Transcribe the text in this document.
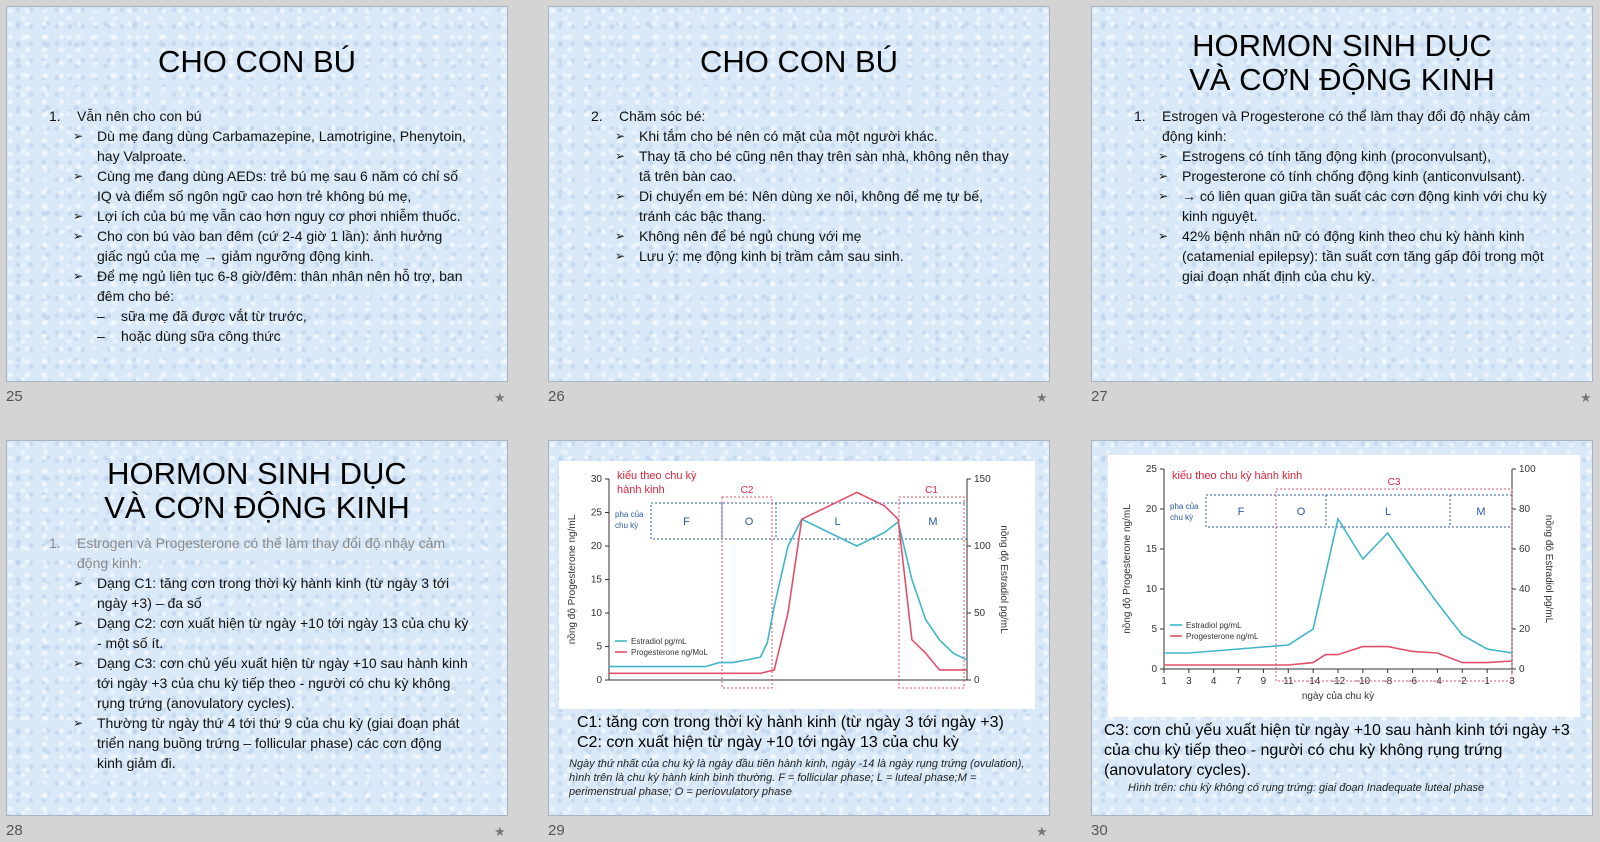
CHO CON BÚ
1. Vẫn nên cho con bú
➢ Dù mẹ đang dùng Carbamazepine, Lamotrigine, Phenytoin, hay Valproate.
➢ Cùng mẹ đang dùng AEDs: trẻ bú mẹ sau 6 năm có chỉ số IQ và điểm số ngôn ngữ cao hơn trẻ không bú mẹ,
➢ Lợi ích của bú mẹ vẫn cao hơn nguy cơ phơi nhiễm thuốc.
➢ Cho con bú vào ban đêm (cứ 2-4 giờ 1 lần): ảnh hưởng giấc ngủ của mẹ → giảm ngưỡng động kinh.
➢ Để mẹ ngủ liên tục 6-8 giờ/đêm: thân nhân nên hỗ trợ, ban đêm cho bé:
– sữa mẹ đã được vắt từ trước,
– hoặc dùng sữa công thức
25	★
CHO CON BÚ
2. Chăm sóc bé:
➢ Khi tắm cho bé nên có mặt của một người khác.
➢ Thay tã cho bé cũng nên thay trên sàn nhà, không nên thay tã trên bàn cao.
➢ Di chuyển em bé: Nên dùng xe nôi, không để mẹ tự bế, tránh các bậc thang.
➢ Không nên để bé ngủ chung với mẹ
➢ Lưu ý: mẹ động kinh bị trầm cảm sau sinh.
26	★
HORMON SINH DỤC
VÀ CƠN ĐỘNG KINH
1. Estrogen và Progesterone có thể làm thay đổi độ nhậy cảm động kinh:
➢ Estrogens có tính tăng động kinh (proconvulsant),
➢ Progesterone có tính chống động kinh (anticonvulsant).
➢ → có liên quan giữa tần suất các cơn động kinh với chu kỳ kinh nguyệt.
➢ 42% bệnh nhân nữ có động kinh theo chu kỳ hành kinh (catamenial epilepsy): tần suất cơn tăng gấp đôi trong một giai đoạn nhất định của chu kỳ.
27	★
HORMON SINH DỤC
VÀ CƠN ĐỘNG KINH
1. Estrogen và Progesterone có thể làm thay đổi độ nhậy cảm động kinh:
➢ Dạng C1: tăng cơn trong thời kỳ hành kinh (từ ngày 3 tới ngày +3) – đa số
➢ Dạng C2: cơn xuất hiện từ ngày +10 tới ngày 13 của chu kỳ - một số ít.
➢ Dạng C3: cơn chủ yếu xuất hiện từ ngày +10 sau hành kinh tới ngày +3 của chu kỳ tiếp theo - người có chu kỳ không rụng trứng (anovulatory cycles).
➢ Thường từ ngày thứ 4 tới thứ 9 của chu kỳ (giai đoạn phát triển nang buồng trứng – follicular phase) các cơn động kinh giảm đi.
28	★
0
5
10
15
20
25
30
0
50
100
150
nồng độ Progesterone ng/mL	nồng độ Estradiol pg/mL
kiểu theo chu kỳ
hành kinh
F	O	L	M
pha của
chu kỳ
C2	C1
Estradiol pg/mL
Progesterone ng/MoL
C1: tăng cơn trong thời kỳ hành kinh (từ ngày 3 tới ngày +3)
C2: cơn xuất hiện từ ngày +10 tới ngày 13 của chu kỳ
Ngày thứ nhất của chu kỳ là ngày đầu tiên hành kinh, ngày -14 là ngày rụng trứng (ovulation), hình trên là chu kỳ hành kinh bình thường. F = follicular phase; L = luteal phase;M = perimenstrual phase; O = periovulatory phase
29	★
0
5
10
15
20
25
0
20
40
60
80
100
nồng độ Progesterone ng/mL	nồng độ Estradiol pg/mL
1 3 4 7 9 11 -14 -12 -10 -8 -6 -4 -2 1 3
ngày của chu kỳ
kiểu theo chu kỳ hành kinh
F	O	L	M
pha của
chu kỳ
C3
Estradiol pg/mL
Progesterone ng/mL
C3: cơn chủ yếu xuất hiện từ ngày +10 sau hành kinh tới ngày +3 của chu kỳ tiếp theo - người có chu kỳ không rụng trứng (anovulatory cycles).
Hình trên: chu kỳ không có rụng trứng: giai đoạn Inadequate luteal phase
30
